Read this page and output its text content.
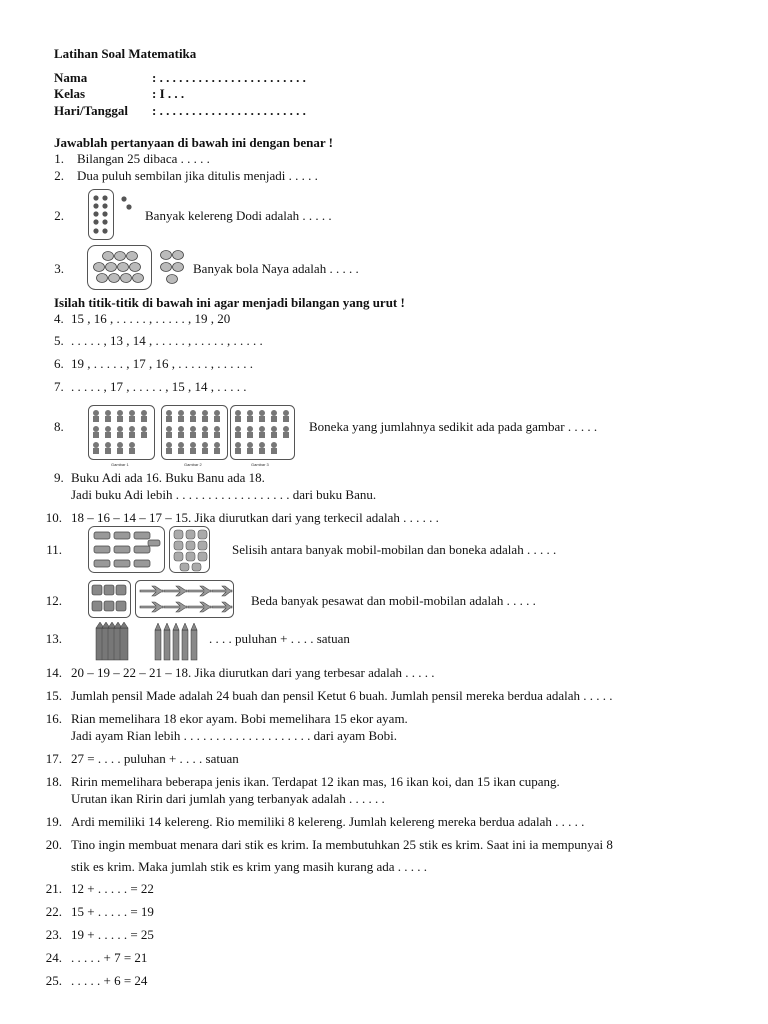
Latihan Soal Matematika
Nama	: . . . . . . . . . . . . . . . . . . . . . . .
Kelas	: I . . .
Hari/Tanggal : . . . . . . . . . . . . . . . . . . . . . . .
Jawablah pertanyaan di bawah ini dengan benar !
1. Bilangan 25 dibaca . . . . .
2. Dua puluh sembilan jika ditulis menjadi . . . . .
2.	Banyak kelereng Dodi adalah . . . . .
3.	Banyak bola Naya adalah . . . . .
Isilah titik-titik di bawah ini agar menjadi bilangan yang urut !
4. 15 , 16 , . . . . . , . . . . . , 19 , 20
5. . . . . . , 13 , 14 , . . . . . , . . . . . , . . . . .
6. 19 , . . . . . , 17 , 16 , . . . . . , . . . . . .
7. . . . . . , 17 , . . . . . , 15 , 14 , . . . . .
8.
Gambar 1	Gambar 2	Gambar 3
Boneka yang jumlahnya sedikit ada pada gambar . . . . .
9. Buku Adi ada 16. Buku Banu ada 18.
Jadi buku Adi lebih . . . . . . . . . . . . . . . . . . dari buku Banu.
10. 18 – 16 – 14 – 17 – 15. Jika diurutkan dari yang terkecil adalah . . . . . .
11.	Selisih antara banyak mobil-mobilan dan boneka adalah . . . . .
12.	Beda banyak pesawat dan mobil-mobilan adalah . . . . .
13.	. . . . puluhan + . . . . satuan
14. 20 – 19 – 22 – 21 – 18. Jika diurutkan dari yang terbesar adalah . . . . .
15. Jumlah pensil Made adalah 24 buah dan pensil Ketut 6 buah. Jumlah pensil mereka berdua adalah . . . . .
16. Rian memelihara 18 ekor ayam. Bobi memelihara 15 ekor ayam.
Jadi ayam Rian lebih . . . . . . . . . . . . . . . . . . . . dari ayam Bobi.
17. 27 = . . . . puluhan + . . . . satuan
18. Ririn memelihara beberapa jenis ikan. Terdapat 12 ikan mas, 16 ikan koi, dan 15 ikan cupang.
Urutan ikan Ririn dari jumlah yang terbanyak adalah . . . . . .
19. Ardi memiliki 14 kelereng. Rio memiliki 8 kelereng. Jumlah kelereng mereka berdua adalah . . . . .
20. Tino ingin membuat menara dari stik es krim. Ia membutuhkan 25 stik es krim. Saat ini ia mempunyai 8
stik es krim. Maka jumlah stik es krim yang masih kurang ada . . . . .
21. 12 + . . . . . = 22
22. 15 + . . . . . = 19
23. 19 + . . . . . = 25
24. . . . . . + 7 = 21
25. . . . . . + 6 = 24
